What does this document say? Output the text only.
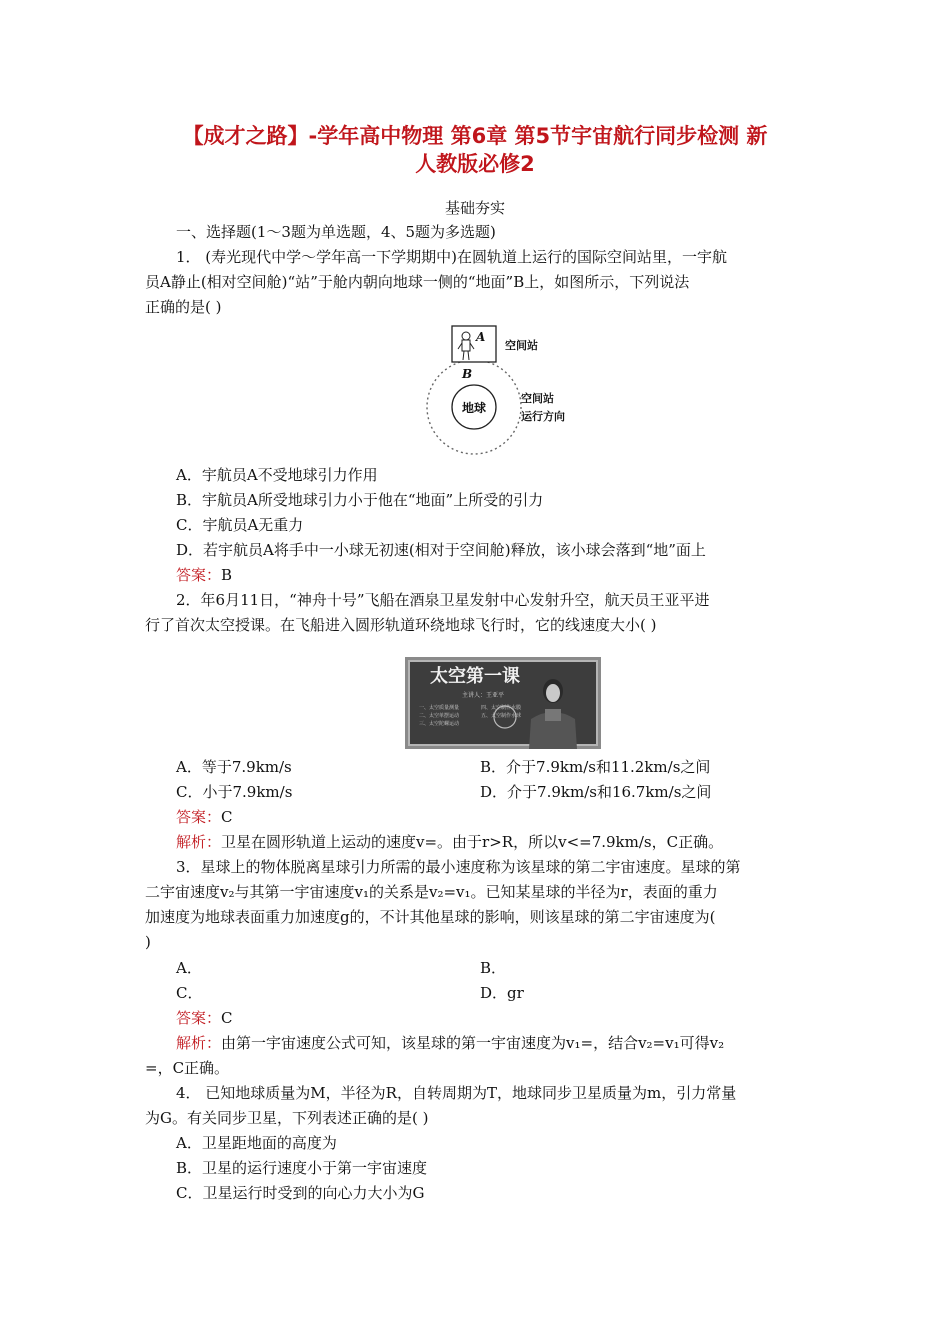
【成才之路】-学年高中物理 第6章 第5节宇宙航行同步检测 新
人教版必修2
基础夯实
一、选择题(1～3题为单选题，4、5题为多选题)
1． (寿光现代中学～学年高一下学期期中)在圆轨道上运行的国际空间站里，一宇航
员A静止(相对空间舱)“站”于舱内朝向地球一侧的“地面”B上，如图所示，下列说法
正确的是( )
地球
A
B
空间站
空间站
运行方向
A．宇航员A不受地球引力作用
B．宇航员A所受地球引力小于他在“地面”上所受的引力
C．宇航员A无重力
D．若宇航员A将手中一小球无初速(相对于空间舱)释放，该小球会落到“地”面上
答案：B
2．年6月11日，“神舟十号”飞船在酒泉卫星发射中心发射升空，航天员王亚平进
行了首次太空授课。在飞船进入圆形轨道环绕地球飞行时，它的线速度大小( )
太空第一课
主讲人：王亚平
一、太空质量测量
二、太空单摆运动
三、太空陀螺运动
四、太空制作水膜
五、太空制作水球
A．等于7.9km/s	B．介于7.9km/s和11.2km/s之间
C．小于7.9km/s	D．介于7.9km/s和16.7km/s之间
答案：C
解析：卫星在圆形轨道上运动的速度v=。由于r>R，所以v<=7.9km/s，C正确。
3．星球上的物体脱离星球引力所需的最小速度称为该星球的第二宇宙速度。星球的第
二宇宙速度v₂与其第一宇宙速度v₁的关系是v₂=v₁。已知某星球的半径为r，表面的重力
加速度为地球表面重力加速度g的，不计其他星球的影响，则该星球的第二宇宙速度为(
)
A．	B．
C．	D．gr
答案：C
解析：由第一宇宙速度公式可知，该星球的第一宇宙速度为v₁=，结合v₂=v₁可得v₂
=，C正确。
4． 已知地球质量为M，半径为R，自转周期为T，地球同步卫星质量为m，引力常量
为G。有关同步卫星，下列表述正确的是( )
A．卫星距地面的高度为
B．卫星的运行速度小于第一宇宙速度
C．卫星运行时受到的向心力大小为G
